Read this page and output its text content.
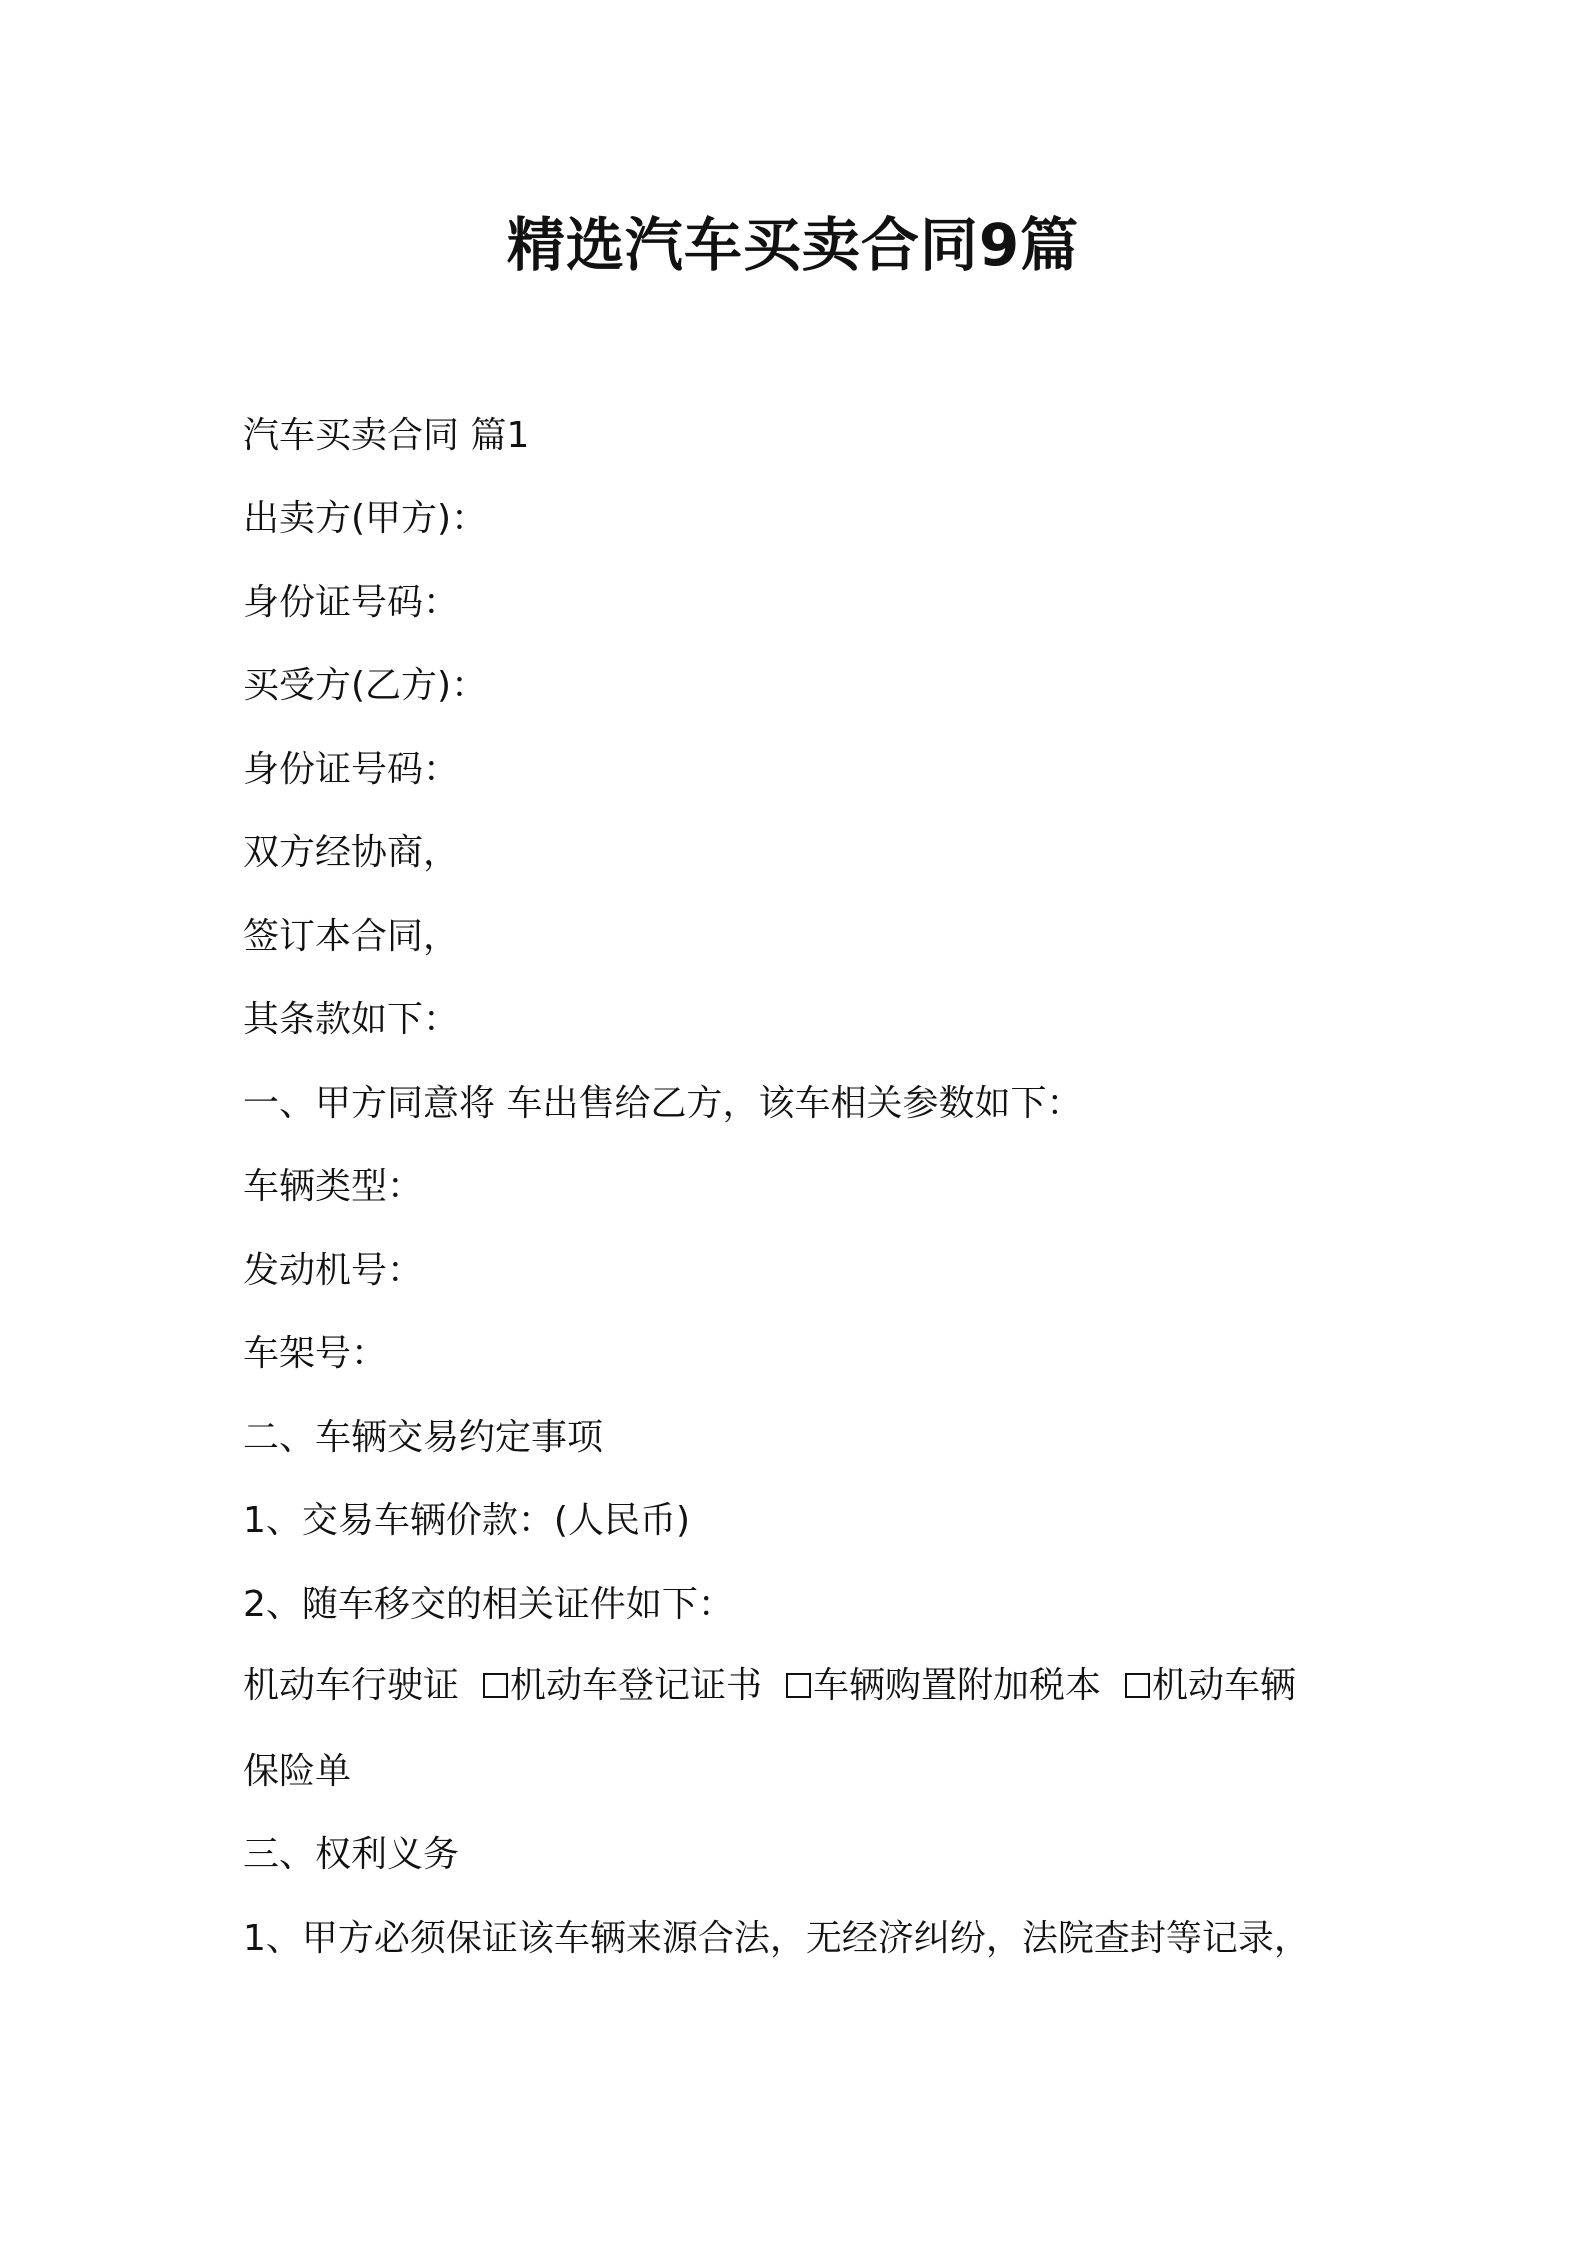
精选汽车买卖合同9篇
汽车买卖合同 篇1
出卖方(甲方)：
身份证号码：
买受方(乙方)：
身份证号码：
双方经协商，
签订本合同，
其条款如下：
一、甲方同意将 车出售给乙方，该车相关参数如下：
车辆类型：
发动机号：
车架号：
二、车辆交易约定事项
1、交易车辆价款：(人民币)
2、随车移交的相关证件如下：
机动车行驶证 机动车登记证书 车辆购置附加税本 机动车辆
保险单
三、权利义务
1、甲方必须保证该车辆来源合法，无经济纠纷，法院查封等记录，
